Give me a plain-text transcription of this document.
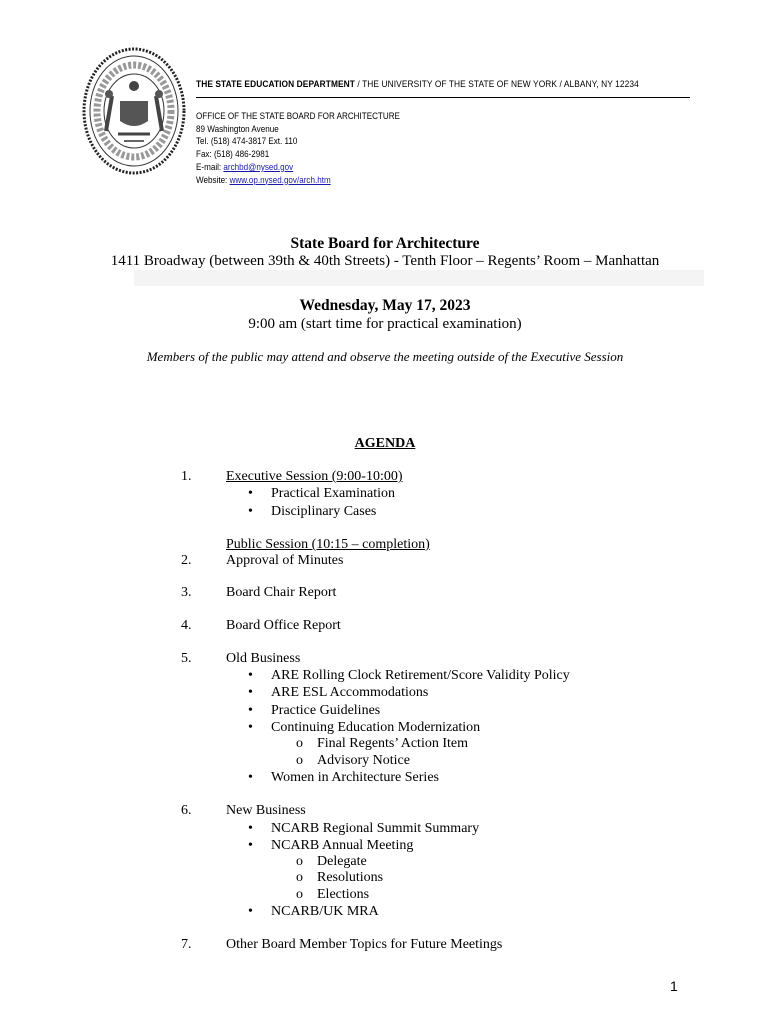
THE STATE EDUCATION DEPARTMENT / THE UNIVERSITY OF THE STATE OF NEW YORK / ALBANY, NY 12234
OFFICE OF THE STATE BOARD FOR ARCHITECTURE
89 Washington Avenue
Tel. (518) 474-3817 Ext. 110
Fax: (518) 486-2981
E-mail: archbd@nysed.gov
Website: www.op.nysed.gov/arch.htm
State Board for Architecture
1411 Broadway (between 39th & 40th Streets) - Tenth Floor – Regents’ Room – Manhattan
Wednesday, May 17, 2023
9:00 am (start time for practical examination)
Members of the public may attend and observe the meeting outside of the Executive Session
AGENDA
1. Executive Session (9:00-10:00)
• Practical Examination
• Disciplinary Cases
Public Session (10:15 – completion)
2. Approval of Minutes
3. Board Chair Report
4. Board Office Report
5. Old Business
• ARE Rolling Clock Retirement/Score Validity Policy
• ARE ESL Accommodations
• Practice Guidelines
• Continuing Education Modernization
o Final Regents’ Action Item
o Advisory Notice
• Women in Architecture Series
6. New Business
• NCARB Regional Summit Summary
• NCARB Annual Meeting
o Delegate
o Resolutions
o Elections
• NCARB/UK MRA
7. Other Board Member Topics for Future Meetings
1
